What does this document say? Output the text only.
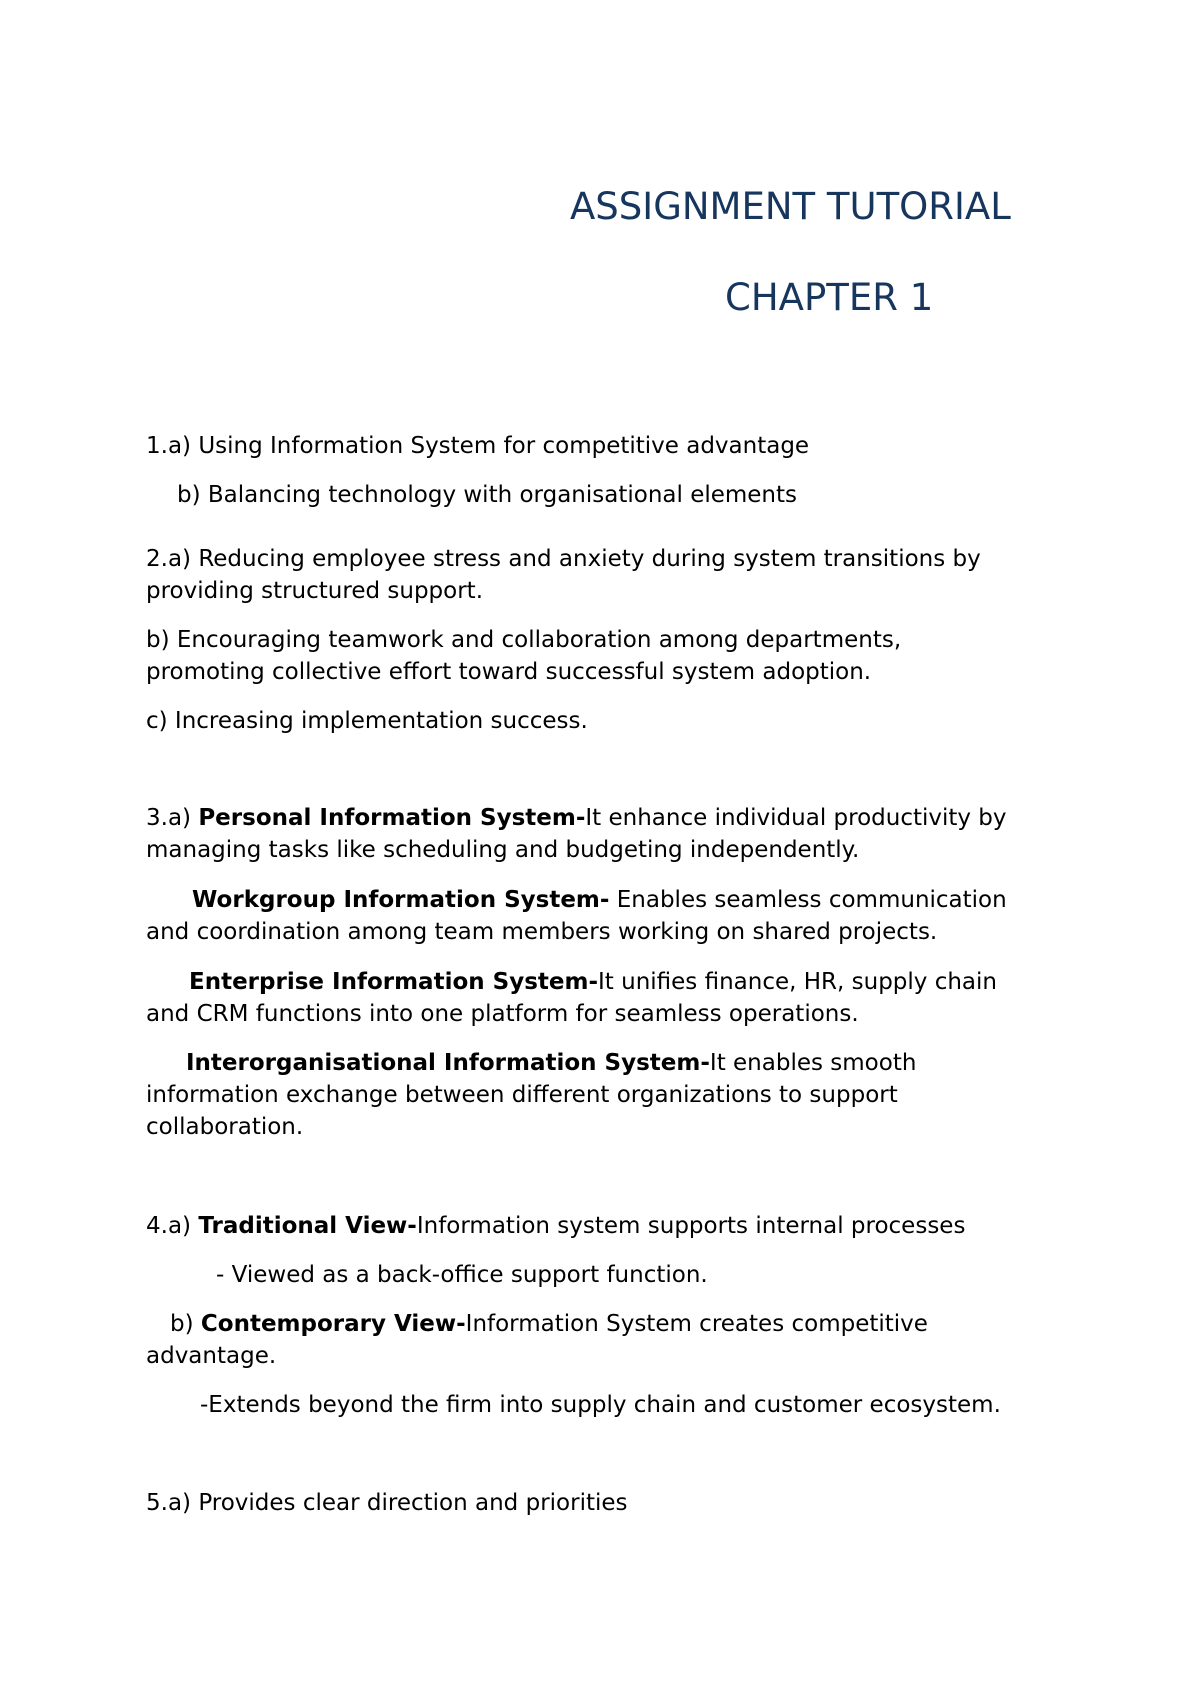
ASSIGNMENT TUTORIAL
CHAPTER 1
1.a) Using Information System for competitive advantage
b) Balancing technology with organisational elements
2.a) Reducing employee stress and anxiety during system transitions by
providing structured support.
b) Encouraging teamwork and collaboration among departments,
promoting collective effort toward successful system adoption.
c) Increasing implementation success.
3.a) Personal Information System-It enhance individual productivity by
managing tasks like scheduling and budgeting independently.
Workgroup Information System- Enables seamless communication
and coordination among team members working on shared projects.
Enterprise Information System-It unifies finance, HR, supply chain
and CRM functions into one platform for seamless operations.
Interorganisational Information System-It enables smooth
information exchange between different organizations to support
collaboration.
4.a) Traditional View-Information system supports internal processes
- Viewed as a back-office support function.
b) Contemporary View-Information System creates competitive
advantage.
-Extends beyond the firm into supply chain and customer ecosystem.
5.a) Provides clear direction and priorities
